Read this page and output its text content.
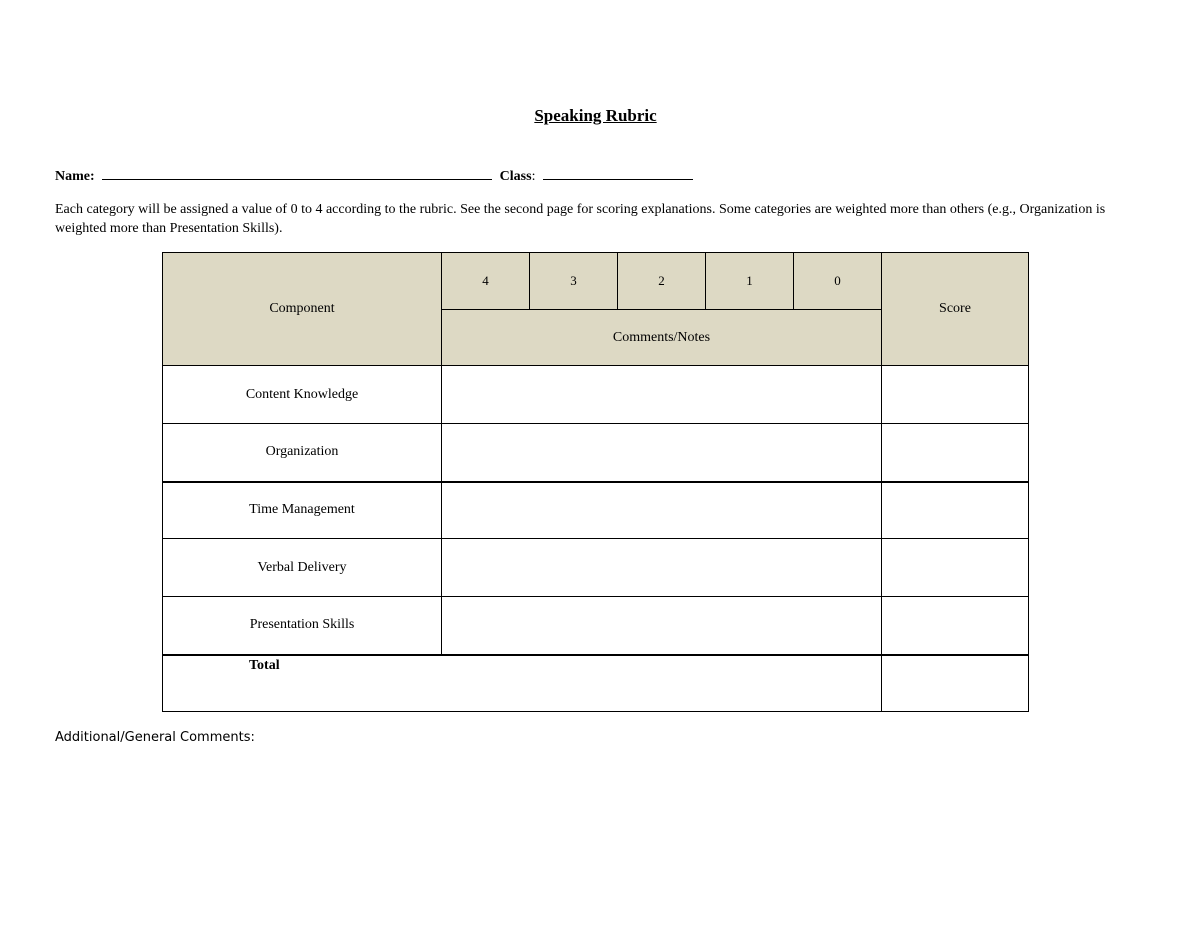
Speaking Rubric
Name:	Class:
Each category will be assigned a value of 0 to 4 according to the rubric. See the second page for scoring explanations. Some categories are weighted more than others (e.g., Organization is weighted more than Presentation Skills).
Component	4	3	2	1	0	Score
	Comments/Notes					
Content Knowledge						
Organization						
Time Management						
Verbal Delivery						
Presentation Skills						
Total						
Additional/General Comments:
